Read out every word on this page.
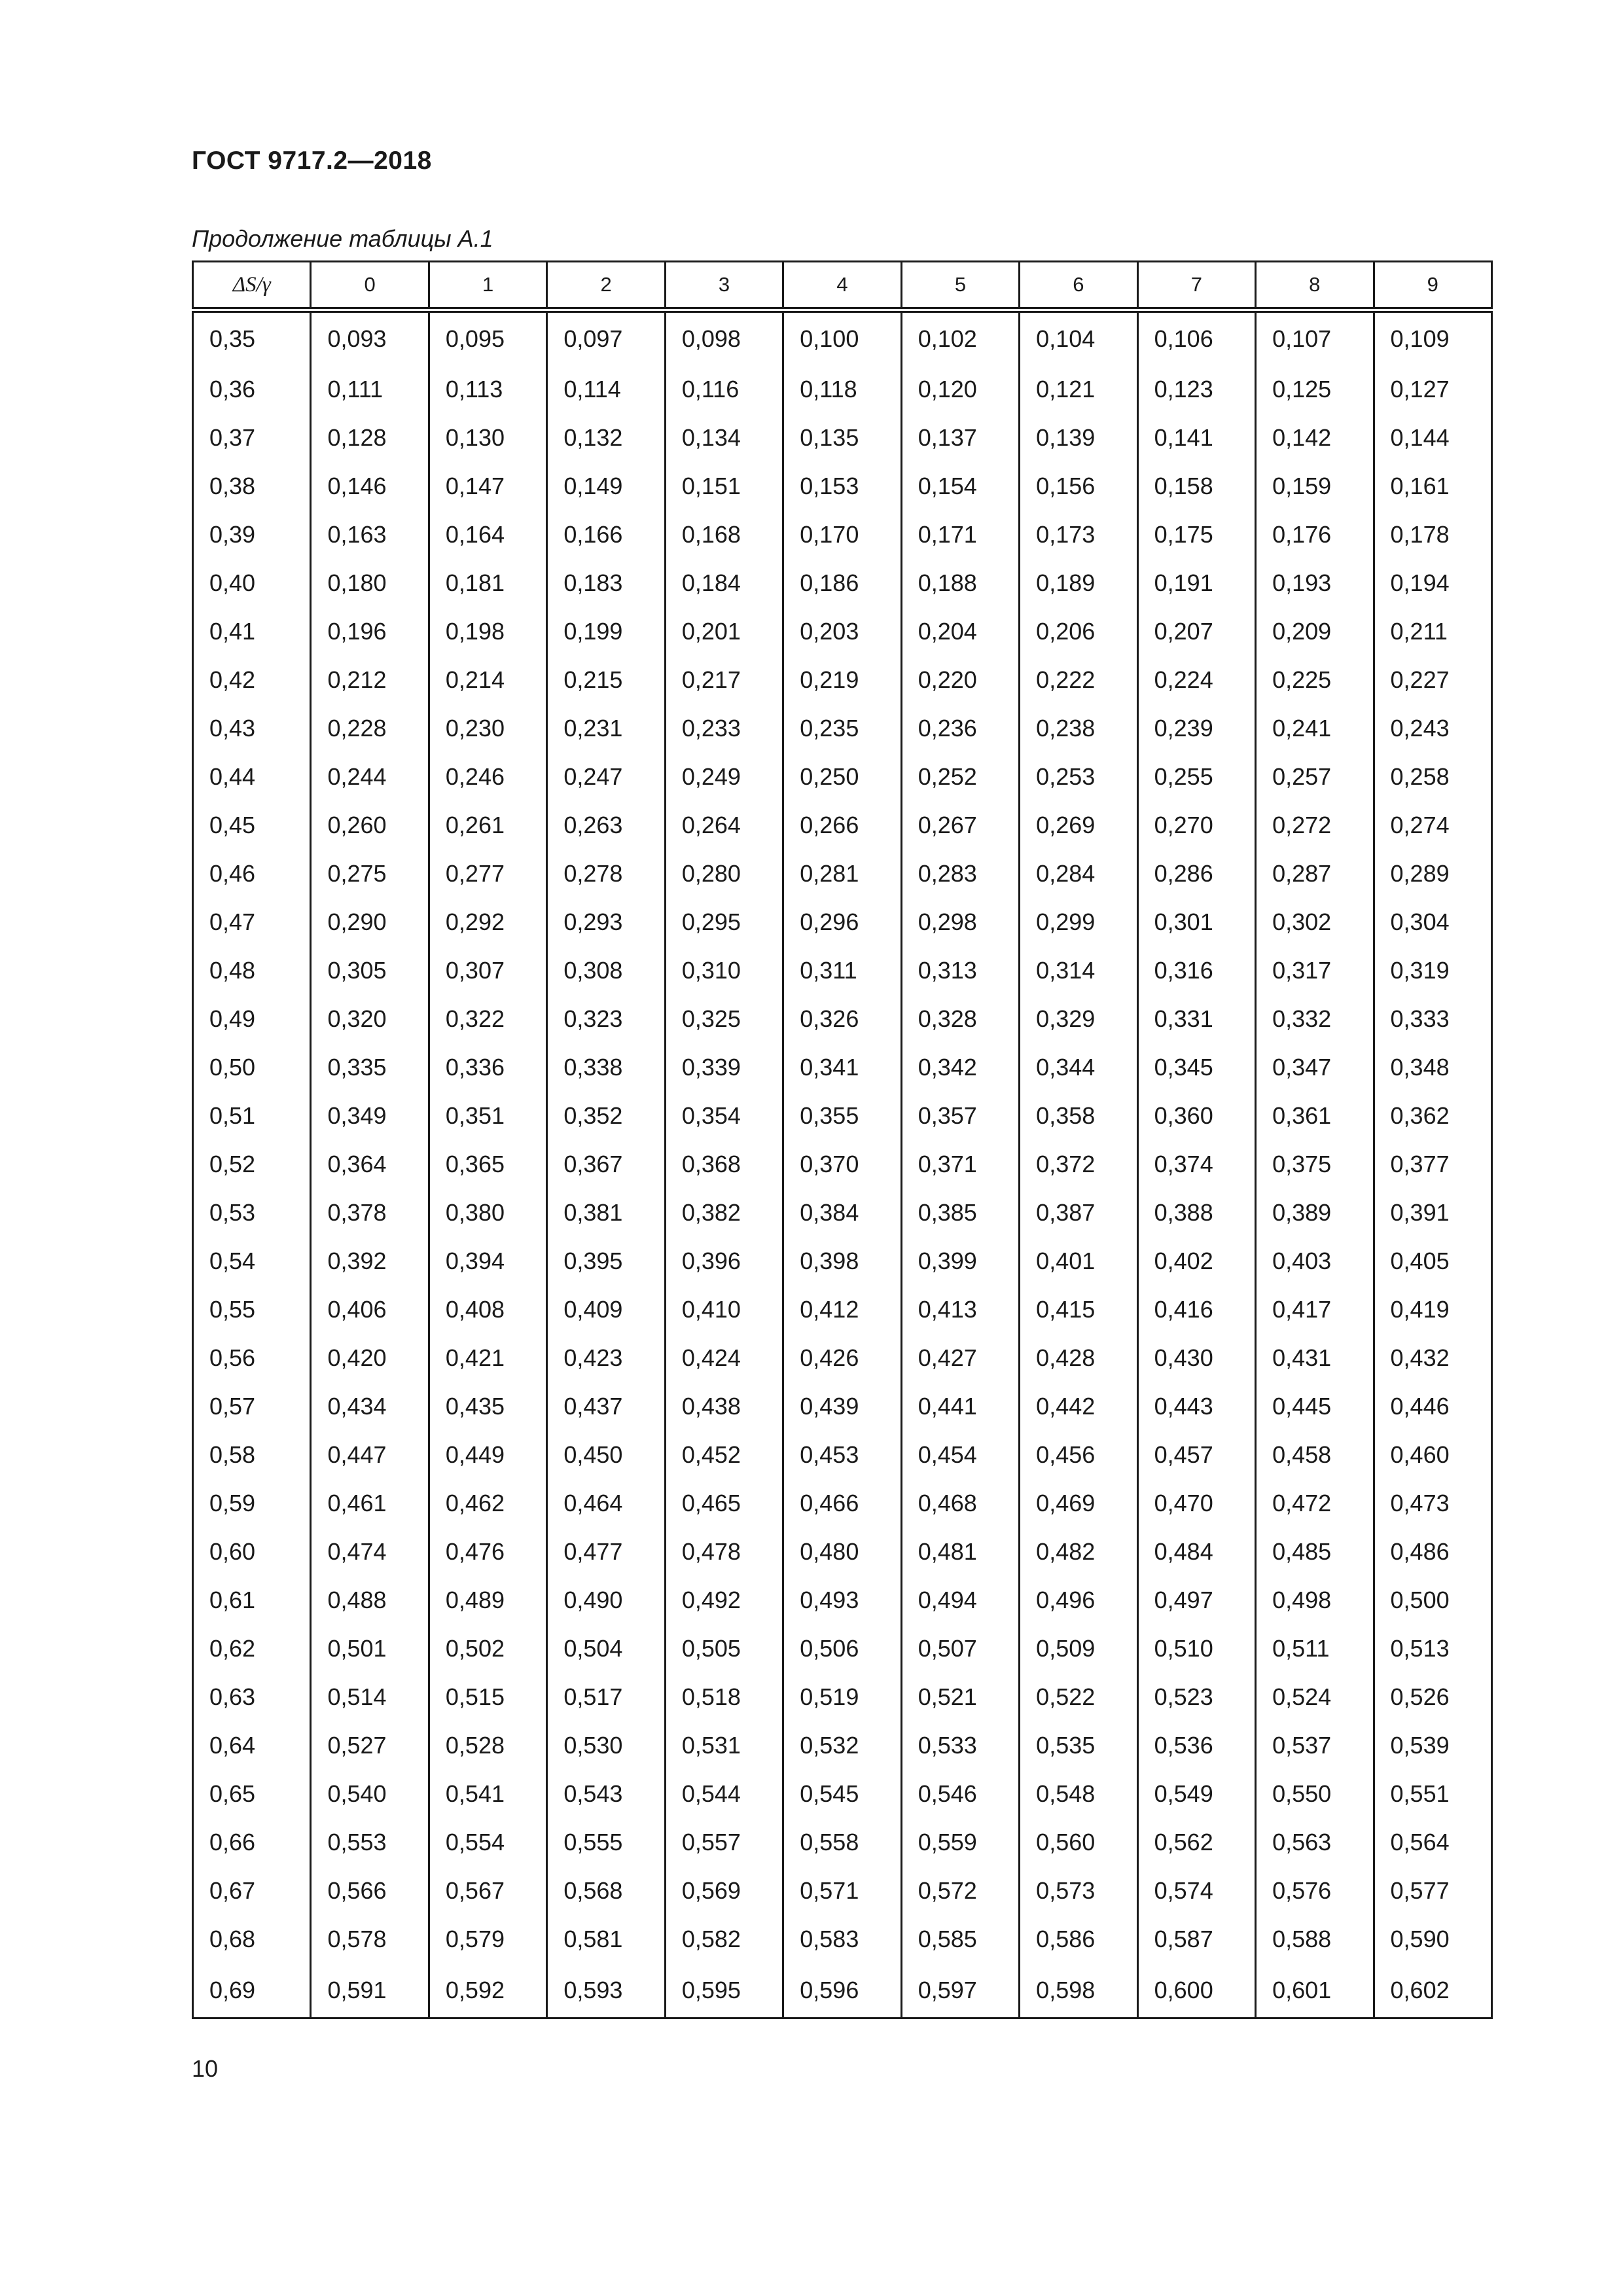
ГОСТ 9717.2—2018
Продолжение таблицы А.1
ΔS/γ	0	1	2	3	4	5	6	7	8	9
0,35	0,093	0,095	0,097	0,098	0,100	0,102	0,104	0,106	0,107	0,109
0,36	0,111	0,113	0,114	0,116	0,118	0,120	0,121	0,123	0,125	0,127
0,37	0,128	0,130	0,132	0,134	0,135	0,137	0,139	0,141	0,142	0,144
0,38	0,146	0,147	0,149	0,151	0,153	0,154	0,156	0,158	0,159	0,161
0,39	0,163	0,164	0,166	0,168	0,170	0,171	0,173	0,175	0,176	0,178
0,40	0,180	0,181	0,183	0,184	0,186	0,188	0,189	0,191	0,193	0,194
0,41	0,196	0,198	0,199	0,201	0,203	0,204	0,206	0,207	0,209	0,211
0,42	0,212	0,214	0,215	0,217	0,219	0,220	0,222	0,224	0,225	0,227
0,43	0,228	0,230	0,231	0,233	0,235	0,236	0,238	0,239	0,241	0,243
0,44	0,244	0,246	0,247	0,249	0,250	0,252	0,253	0,255	0,257	0,258
0,45	0,260	0,261	0,263	0,264	0,266	0,267	0,269	0,270	0,272	0,274
0,46	0,275	0,277	0,278	0,280	0,281	0,283	0,284	0,286	0,287	0,289
0,47	0,290	0,292	0,293	0,295	0,296	0,298	0,299	0,301	0,302	0,304
0,48	0,305	0,307	0,308	0,310	0,311	0,313	0,314	0,316	0,317	0,319
0,49	0,320	0,322	0,323	0,325	0,326	0,328	0,329	0,331	0,332	0,333
0,50	0,335	0,336	0,338	0,339	0,341	0,342	0,344	0,345	0,347	0,348
0,51	0,349	0,351	0,352	0,354	0,355	0,357	0,358	0,360	0,361	0,362
0,52	0,364	0,365	0,367	0,368	0,370	0,371	0,372	0,374	0,375	0,377
0,53	0,378	0,380	0,381	0,382	0,384	0,385	0,387	0,388	0,389	0,391
0,54	0,392	0,394	0,395	0,396	0,398	0,399	0,401	0,402	0,403	0,405
0,55	0,406	0,408	0,409	0,410	0,412	0,413	0,415	0,416	0,417	0,419
0,56	0,420	0,421	0,423	0,424	0,426	0,427	0,428	0,430	0,431	0,432
0,57	0,434	0,435	0,437	0,438	0,439	0,441	0,442	0,443	0,445	0,446
0,58	0,447	0,449	0,450	0,452	0,453	0,454	0,456	0,457	0,458	0,460
0,59	0,461	0,462	0,464	0,465	0,466	0,468	0,469	0,470	0,472	0,473
0,60	0,474	0,476	0,477	0,478	0,480	0,481	0,482	0,484	0,485	0,486
0,61	0,488	0,489	0,490	0,492	0,493	0,494	0,496	0,497	0,498	0,500
0,62	0,501	0,502	0,504	0,505	0,506	0,507	0,509	0,510	0,511	0,513
0,63	0,514	0,515	0,517	0,518	0,519	0,521	0,522	0,523	0,524	0,526
0,64	0,527	0,528	0,530	0,531	0,532	0,533	0,535	0,536	0,537	0,539
0,65	0,540	0,541	0,543	0,544	0,545	0,546	0,548	0,549	0,550	0,551
0,66	0,553	0,554	0,555	0,557	0,558	0,559	0,560	0,562	0,563	0,564
0,67	0,566	0,567	0,568	0,569	0,571	0,572	0,573	0,574	0,576	0,577
0,68	0,578	0,579	0,581	0,582	0,583	0,585	0,586	0,587	0,588	0,590
0,69	0,591	0,592	0,593	0,595	0,596	0,597	0,598	0,600	0,601	0,602
10
